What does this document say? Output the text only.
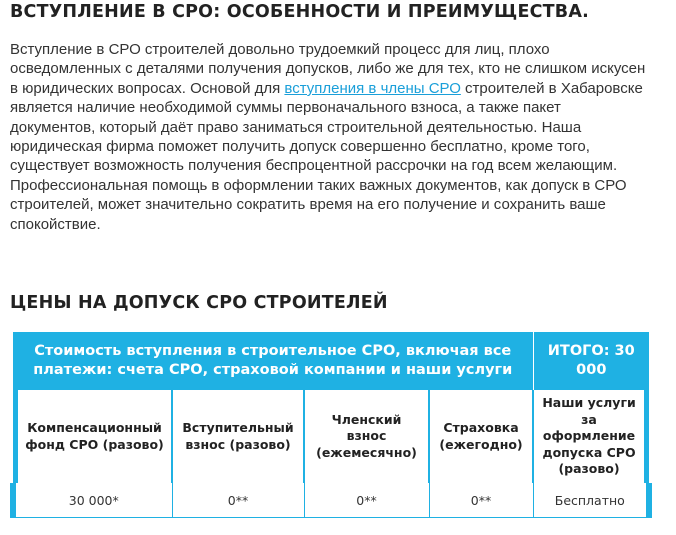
ВСТУПЛЕНИЕ В СРО: ОСОБЕННОСТИ И ПРЕИМУЩЕСТВА.

Вступление в СРО строителей довольно трудоемкий процесс для лиц, плохо осведомленных с деталями получения допусков, либо же для тех, кто не слишком искусен в юридических вопросах. Основой для вступления в члены СРО строителей в Хабаровске является наличие необходимой суммы первоначального взноса, а также пакет документов, который даёт право заниматься строительной деятельностью. Наша юридическая фирма поможет получить допуск совершенно бесплатно, кроме того, существует возможность получения беспроцентной рассрочки на год всем желающим. Профессиональная помощь в оформлении таких важных документов, как допуск в СРО строителей, может значительно сократить время на его получение и сохранить ваше спокойствие.

ЦЕНЫ НА ДОПУСК СРО СТРОИТЕЛЕЙ
Стоимость вступления в строительное СРО, включая все платежи: счета СРО, страховой компании и наши услуги				ИТОГО: 30 000

Компенсационный фонд СРО (разово)	Вступительный взнос (разово)	Членский взнос (ежемесячно)	Страховка (ежегодно)	Наши услуги за оформление допуска СРО (разово)

30 000*	0**	0**	0**	Бесплатно
